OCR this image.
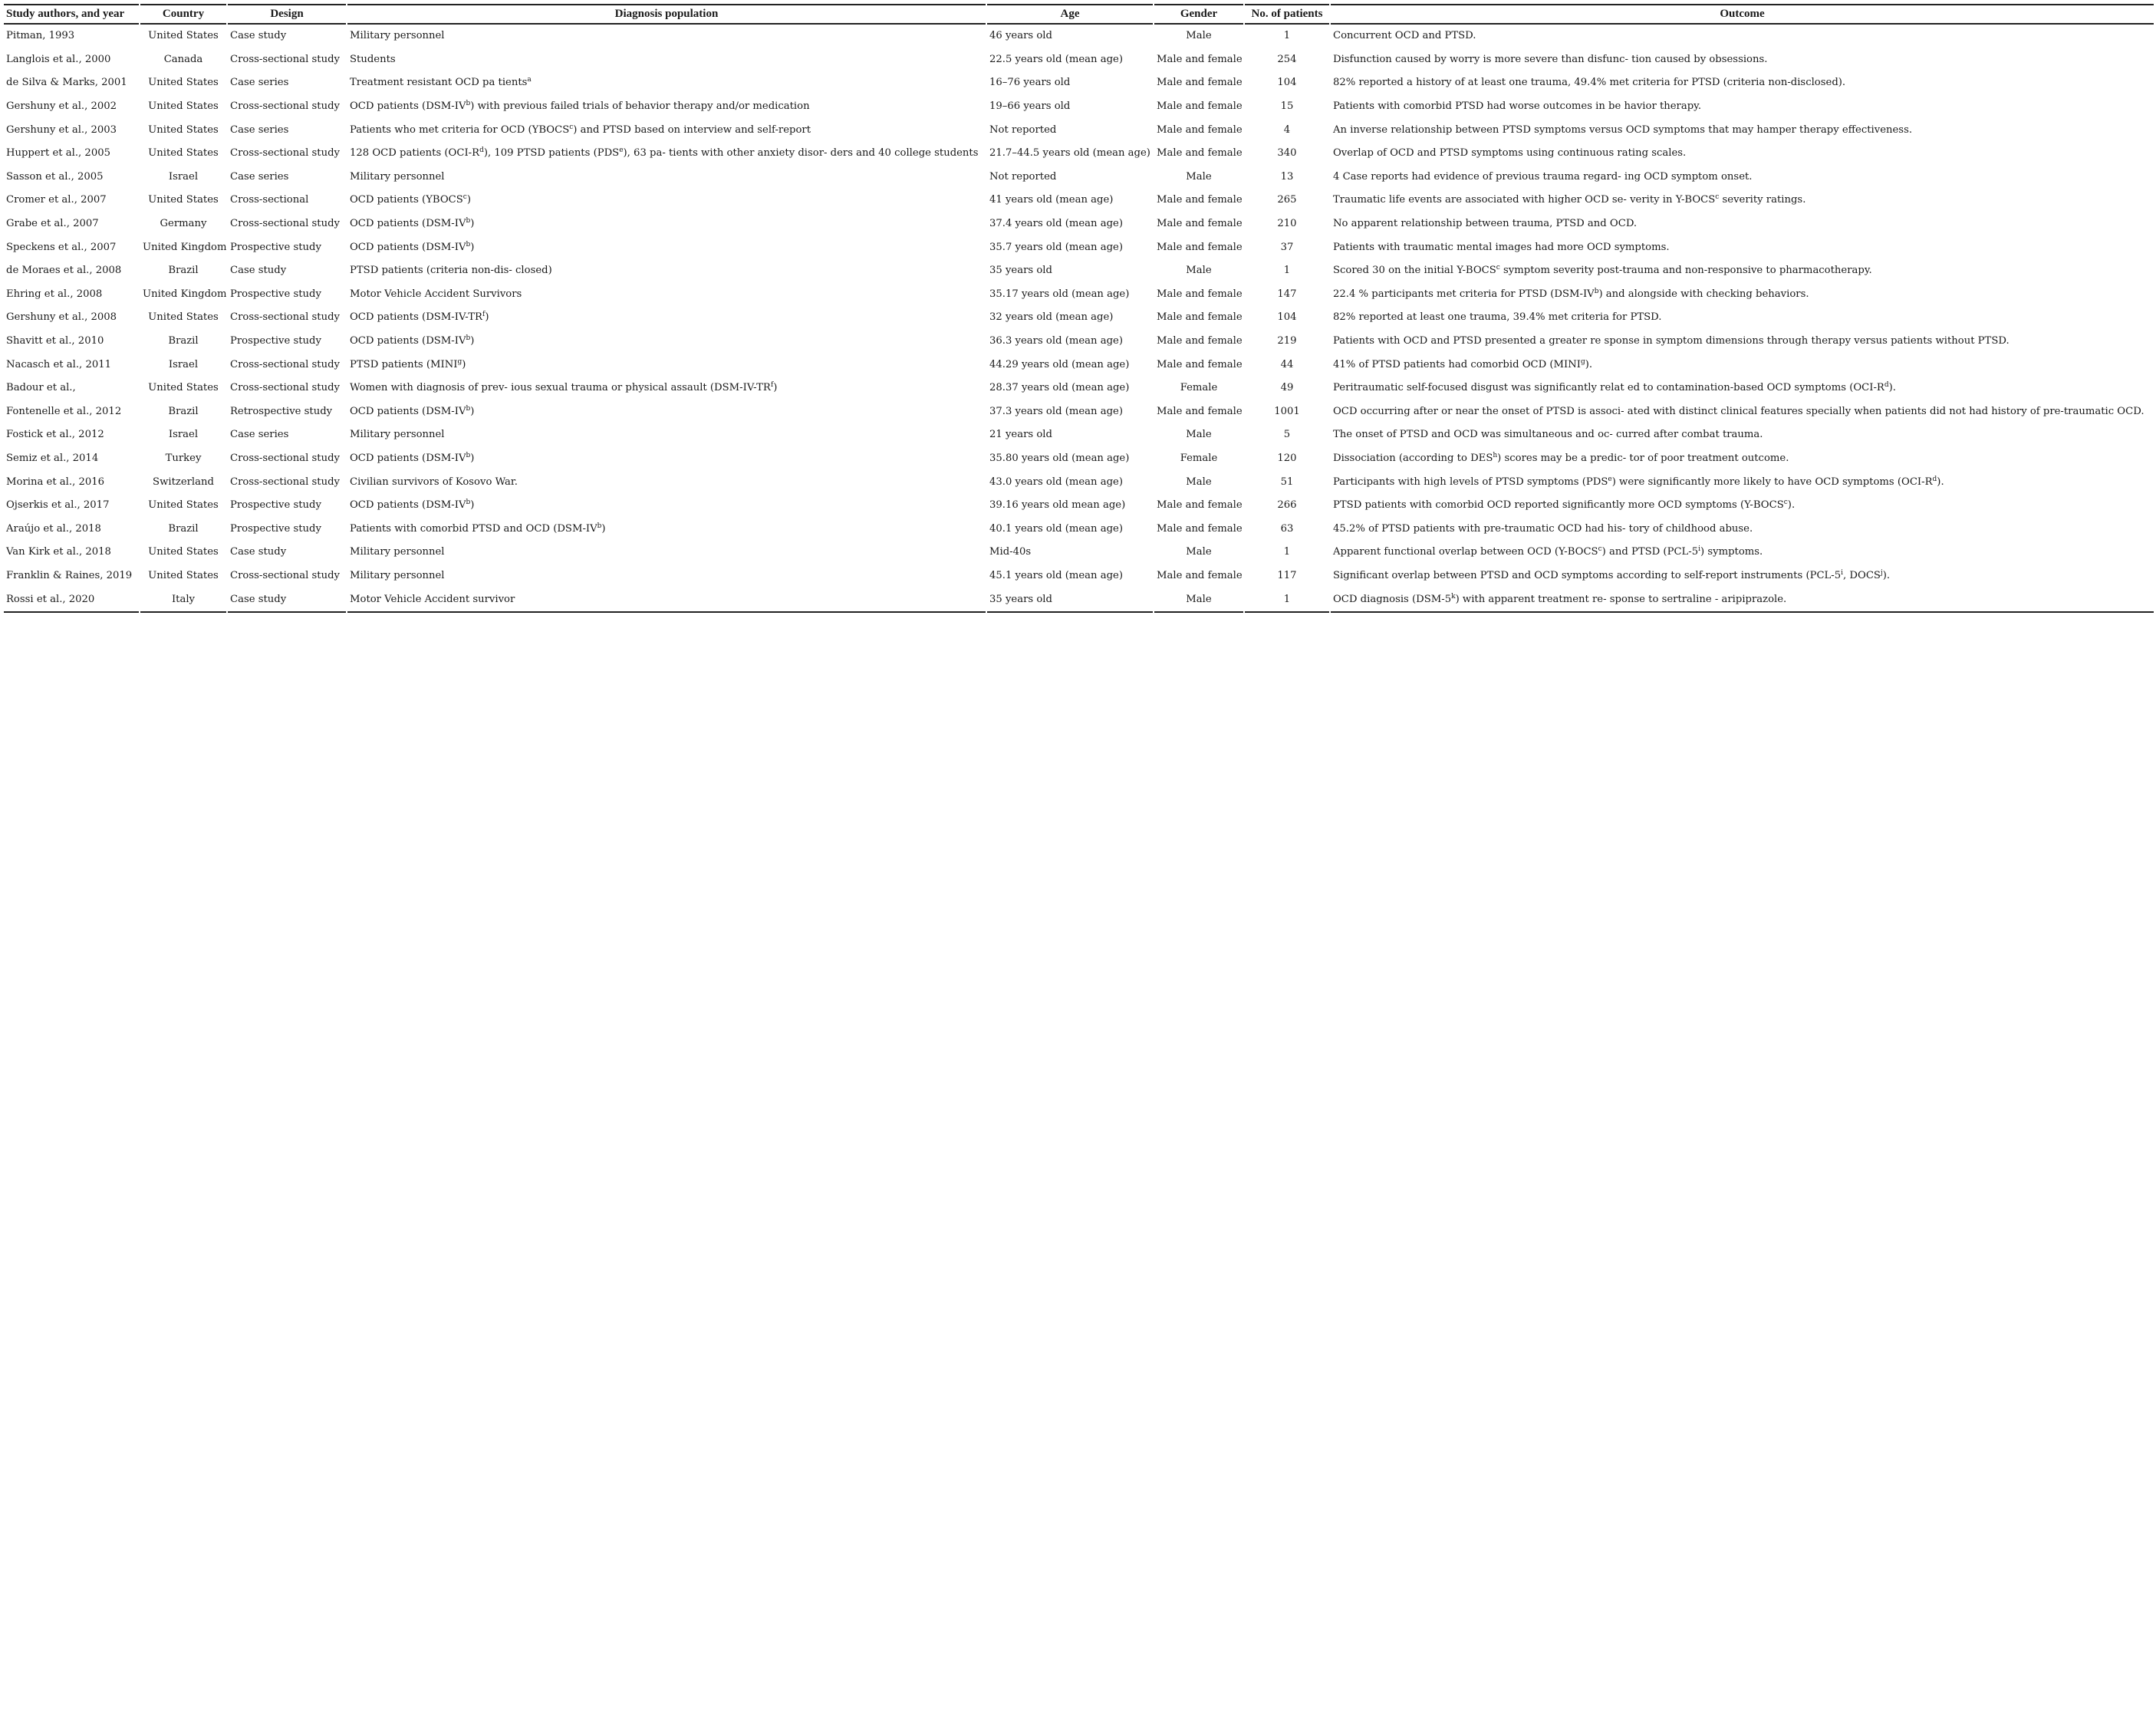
Study authors, and year	Country	Design	Diagnosis population	Age	Gender	No. of patients	Outcome
Pitman, 1993	United States	Case study	Military personnel	46 years old	Male	1	Concurrent OCD and PTSD.
Langlois et al., 2000	Canada	Cross-sectional study	Students	22.5 years old (mean age)	Male and female	254	Disfunction caused by worry is more severe than disfunc- tion caused by obsessions.
de Silva & Marks, 2001	United States	Case series	Treatment resistant OCD pa tients$^a$	16–76 years old	Male and female	104	82% reported a history of at least one trauma, 49.4% met criteria for PTSD (criteria non-disclosed).
Gershuny et al., 2002	United States	Cross-sectional study	OCD patients $(DSM-IV^b)$ with previous failed trials of behavior therapy and/or medication	19–66 years old	Male and female	15	Patients with comorbid PTSD had worse outcomes in be havior therapy.
Gershuny et al., 2003	United States	Case series	Patients who met criteria for OCD (YBOCS$^c$) and PTSD based on interview and self-report	Not reported	Male and female	4	An inverse relationship between PTSD symptoms versus OCD symptoms that may hamper therapy effectiveness.
Huppert et al., 2005	United States	Cross-sectional study	128 OCD patients $(OCI-R^d)$, 109 PTSD patients (PDS$^e$), 63 pa- tients with other anxiety disor- ders and 40 college students	21.7–44.5 years old (mean age)	Male and female	340	Overlap of OCD and PTSD symptoms using continuous rating scales.
Sasson et al., 2005	Israel	Case series	Military personnel	Not reported	Male	13	4 Case reports had evidence of previous trauma regard- ing OCD symptom onset.
Cromer et al., 2007	United States	Cross-sectional	OCD patients (YBOCS$^c$)	41 years old (mean age)	Male and female	265	Traumatic life events are associated with higher OCD se- verity in Y-BOCS$^c$ severity ratings.
Grabe et al., 2007	Germany	Cross-sectional study	OCD patients $(DSM-IV^b)$	37.4 years old (mean age)	Male and female	210	No apparent relationship between trauma, PTSD and OCD.
Speckens et al., 2007	United Kingdom	Prospective study	OCD patients $(DSM-IV^b)$	35.7 years old (mean age)	Male and female	37	Patients with traumatic mental images had more OCD symptoms.
de Moraes et al., 2008	Brazil	Case study	PTSD patients (criteria non-dis- closed)	35 years old	Male	1	Scored 30 on the initial Y-BOCS$^c$ symptom severity post-trauma and non-responsive to pharmacotherapy.
Ehring et al., 2008	United Kingdom	Prospective study	Motor Vehicle Accident Survivors	35.17 years old (mean age)	Male and female	147	22.4 % participants met criteria for PTSD $(DSM-IV^b)$ and alongside with checking behaviors.
Gershuny et al., 2008	United States	Cross-sectional study	OCD patients $(DSM-IV-TR^f)$	32 years old (mean age)	Male and female	104	82% reported at least one trauma, 39.4% met criteria for PTSD.
Shavitt et al., 2010	Brazil	Prospective study	OCD patients $(DSM-IV^b)$	36.3 years old (mean age)	Male and female	219	Patients with OCD and PTSD presented a greater re sponse in symptom dimensions through therapy versus patients without PTSD.
Nacasch et al., 2011	Israel	Cross-sectional study	PTSD patients (MINI$^g$)	44.29 years old (mean age)	Male and female	44	41% of PTSD patients had comorbid OCD (MINI$^g$).
Badour et al.,	United States	Cross-sectional study	Women with diagnosis of prev- ious sexual trauma or physical assault $(DSM-IV-TR^f)$	28.37 years old (mean age)	Female	49	Peritraumatic self-focused disgust was significantly relat ed to contamination-based OCD symptoms $(OCI-R^d)$.
Fontenelle et al., 2012	Brazil	Retrospective study	OCD patients $(DSM-IV^b)$	37.3 years old (mean age)	Male and female	1001	OCD occurring after or near the onset of PTSD is associ- ated with distinct clinical features specially when patients did not had history of pre-traumatic OCD.
Fostick et al., 2012	Israel	Case series	Military personnel	21 years old	Male	5	The onset of PTSD and OCD was simultaneous and oc- curred after combat trauma.
Semiz et al., 2014	Turkey	Cross-sectional study	OCD patients $(DSM-IV^b)$	35.80 years old (mean age)	Female	120	Dissociation (according to DES$^h$) scores may be a predic- tor of poor treatment outcome.
Morina et al., 2016	Switzerland	Cross-sectional study	Civilian survivors of Kosovo War.	43.0 years old (mean age)	Male	51	Participants with high levels of PTSD symptoms (PDS$^e$) were significantly more likely to have OCD symptoms $(OCI-R^d)$.
Ojserkis et al., 2017	United States	Prospective study	OCD patients $(DSM-IV^b)$	39.16 years old mean age)	Male and female	266	PTSD patients with comorbid OCD reported significantly more OCD symptoms (Y-BOCS$^c$).
Araújo et al., 2018	Brazil	Prospective study	Patients with comorbid PTSD and OCD $(DSM-IV^b)$	40.1 years old (mean age)	Male and female	63	45.2% of PTSD patients with pre-traumatic OCD had his- tory of childhood abuse.
Van Kirk et al., 2018	United States	Case study	Military personnel	Mid-40s	Male	1	Apparent functional overlap between OCD (Y-BOCS$^c$) and PTSD (PCL-5$^i$) symptoms.
Franklin & Raines, 2019	United States	Cross-sectional study	Military personnel	45.1 years old (mean age)	Male and female	117	Significant overlap between PTSD and OCD symptoms according to self-report instruments (PCL-5$^i$, DOCS$^j$).
Rossi et al., 2020	Italy	Case study	Motor Vehicle Accident survivor	35 years old	Male	1	OCD diagnosis (DSM-5$^k$) with apparent treatment re- sponse to sertraline - aripiprazole.
